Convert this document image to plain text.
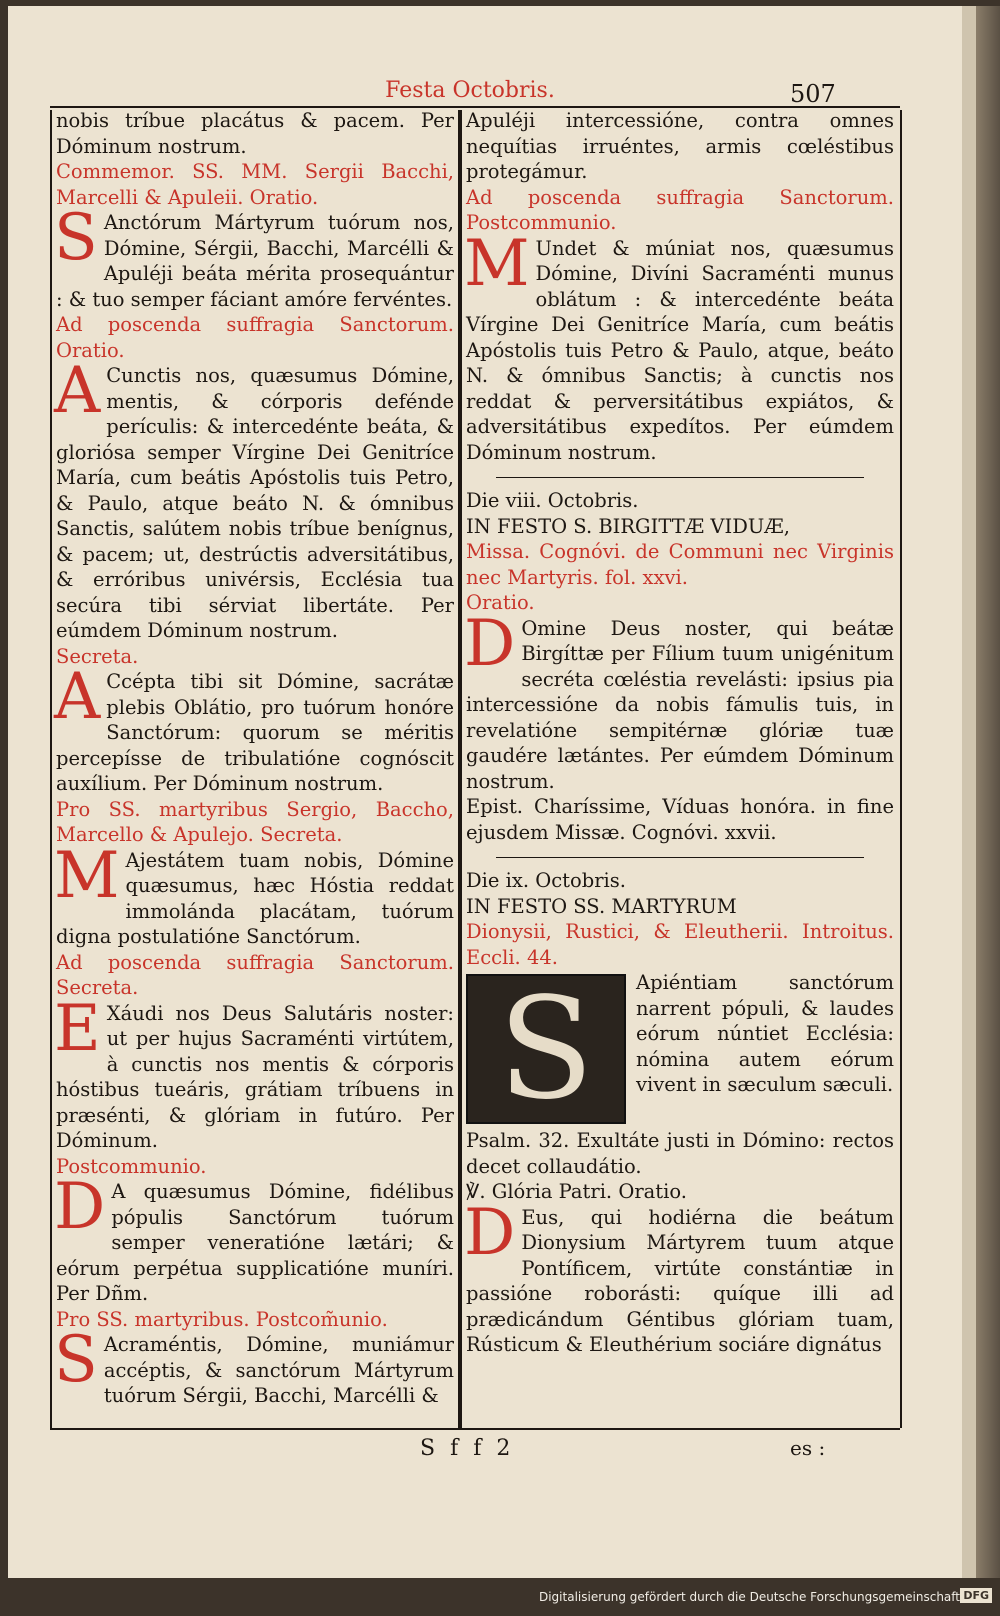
Festa Octobris.	507

nobis tríbue placátus & pacem. Per Dóminum nostrum.

Commemor. SS. MM. Sergii Bacchi, Marcelli & Apuleii. Oratio.

S Anctórum Mártyrum tuórum nos, Dómine, Sérgii, Bacchi, Marcélli & Apuléji beáta mérita prosequántur : & tuo semper fáciant amóre fervéntes.

Ad poscenda suffragia Sanctorum. Oratio.

A Cunctis nos, quæsumus Dómine, mentis, & córporis defénde perículis: & intercedénte beáta, & gloriósa semper Vírgine Dei Genitríce María, cum beátis Apóstolis tuis Petro, & Paulo, atque beáto N. & ómnibus Sanctis, salútem nobis tríbue benígnus, & pacem; ut, destrúctis adversitátibus, & erróribus univérsis, Ecclésia tua secúra tibi sérviat libertáte. Per eúmdem Dóminum nostrum.

Secreta.

A Ccépta tibi sit Dómine, sacrátæ plebis Oblátio, pro tuórum honóre Sanctórum: quorum se méritis percepísse de tribulatióne cognóscit auxílium. Per Dóminum nostrum.

Pro SS. martyribus Sergio, Baccho, Marcello & Apulejo. Secreta.

M Ajestátem tuam nobis, Dómine quæsumus, hæc Hóstia reddat immolánda placátam, tuórum digna postulatióne Sanctórum.

Ad poscenda suffragia Sanctorum. Secreta.

E Xáudi nos Deus Salutáris noster: ut per hujus Sacraménti virtútem, à cunctis nos mentis & córporis hóstibus tueáris, grátiam tríbuens in præsénti, & glóriam in futúro. Per Dóminum.

Postcommunio.

D A quæsumus Dómine, fidélibus pópulis Sanctórum tuórum semper veneratióne lætári; & eórum perpétua supplicatióne muníri. Per Dñm.

Pro SS. martyribus. Postcom̃unio.

S Acraméntis, Dómine, muniámur accéptis, & sanctórum Mártyrum tuórum Sérgii, Bacchi, Marcélli &

Apuléji intercessióne, contra omnes nequítias irruéntes, armis cœléstibus protegámur.

Ad poscenda suffragia Sanctorum. Postcommunio.

M Undet & múniat nos, quæsumus Dómine, Divíni Sacraménti munus oblátum : & intercedénte beáta Vírgine Dei Genitríce María, cum beátis Apóstolis tuis Petro & Paulo, atque, beáto N. & ómnibus Sanctis; à cunctis nos reddat & perversitátibus expiátos, & adversitátibus expedítos. Per eúmdem Dóminum nostrum.

Die viii. Octobris.

IN FESTO S. BIRGITTÆ VIDUÆ,

Missa. Cognóvi. de Communi nec Virginis nec Martyris. fol. xxvi.

Oratio.

D Omine Deus noster, qui beátæ Birgíttæ per Fílium tuum unigénitum secréta cœléstia revelásti: ipsius pia intercessióne da nobis fámulis tuis, in revelatióne sempitérnæ glóriæ tuæ gaudére lætántes. Per eúmdem Dóminum nostrum.

Epist. Charíssime, Víduas honóra. in fine ejusdem Missæ. Cognóvi. xxvii.

Die ix. Octobris.

IN FESTO SS. MARTYRUM

Dionysii, Rustici, & Eleutherii. Introitus. Eccli. 44.

S Apiéntiam sanctórum narrent pópuli, & laudes eórum núntiet Ecclésia: nómina autem eórum vivent in sæculum sæculi.

Psalm. 32. Exultáte justi in Dómino: rectos decet collaudátio.

℣. Glória Patri. Oratio.

D Eus, qui hodiérna die beátum Dionysium Mártyrem tuum atque Pontíficem, virtúte constántiæ in passióne roborásti: quíque illi ad prædicándum Géntibus glóriam tuam, Rústicum & Eleuthérium sociáre dignátus

S f f 2	es :
Digitalisierung gefördert durch die Deutsche Forschungsgemeinschaft DFG
